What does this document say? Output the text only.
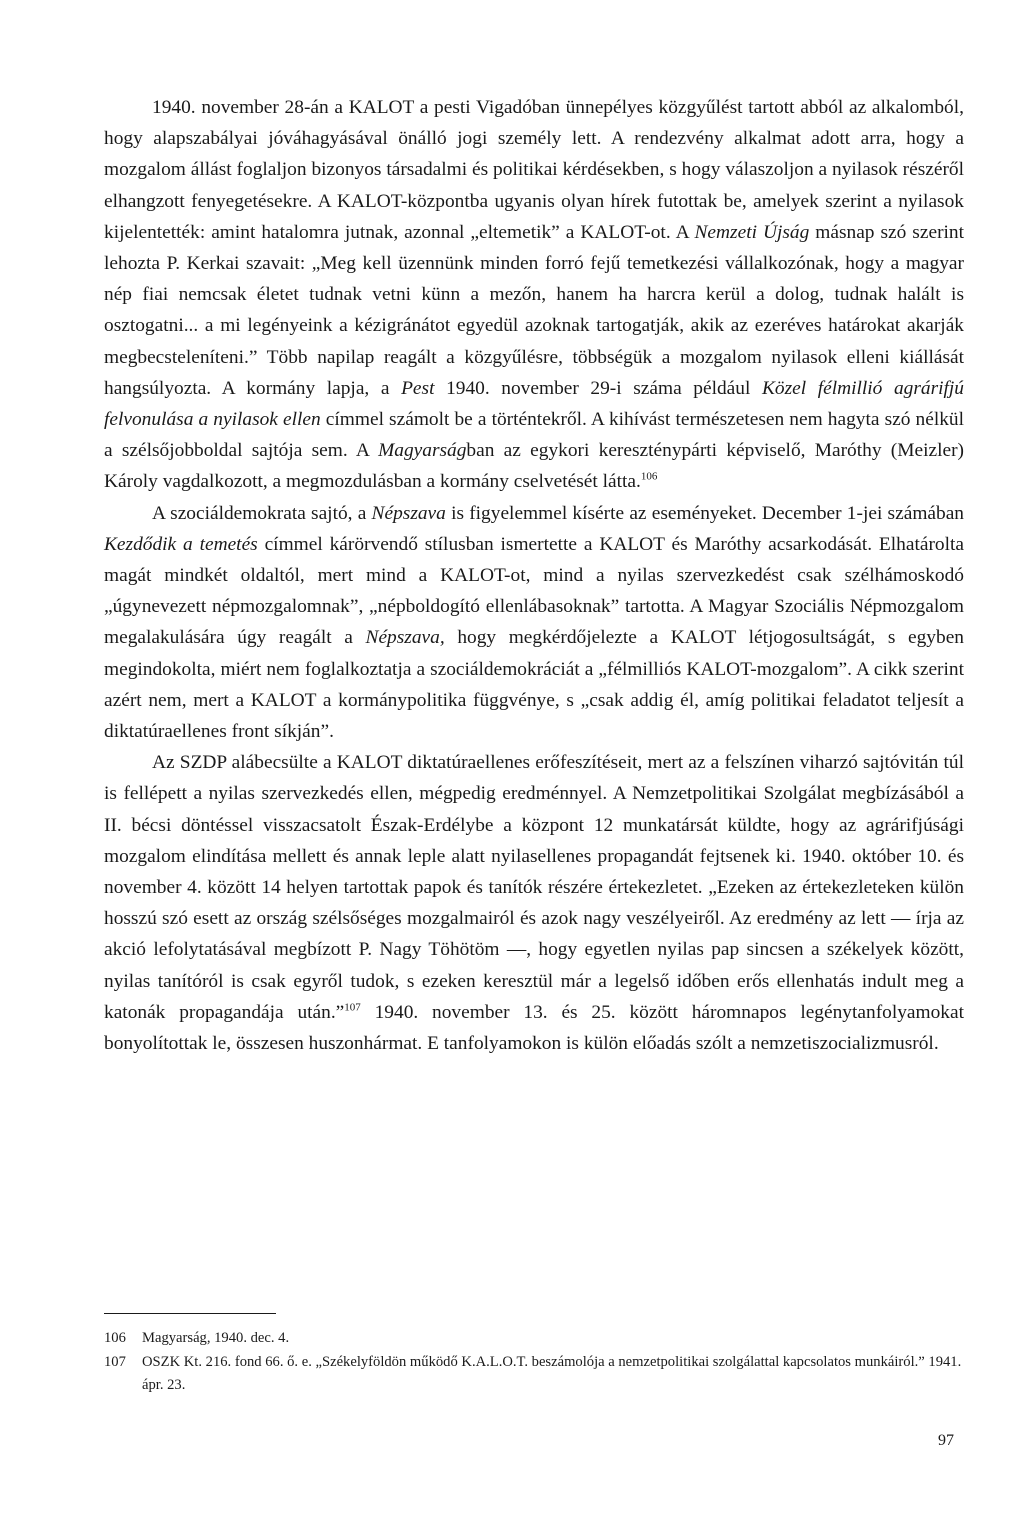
1940. november 28-án a KALOT a pesti Vigadóban ünnepélyes közgyűlést tartott abból az alkalomból, hogy alapszabályai jóváhagyásával önálló jogi személy lett. A rendezvény alkalmat adott arra, hogy a mozgalom állást foglaljon bizonyos társadalmi és politikai kérdésekben, s hogy válaszoljon a nyilasok részéről elhangzott fenyegetésekre. A KALOT-központba ugyanis olyan hírek futottak be, amelyek szerint a nyilasok kijelentették: amint hatalomra jutnak, azonnal „eltemetik” a KALOT-ot. A Nemzeti Újság másnap szó szerint lehozta P. Kerkai szavait: „Meg kell üzennünk minden forró fejű temetkezési vállalkozónak, hogy a magyar nép fiai nemcsak életet tudnak vetni künn a mezőn, hanem ha harcra kerül a dolog, tudnak halált is osztogatni... a mi legényeink a kézigránátot egyedül azoknak tartogatják, akik az ezeréves határokat akarják megbecsteleníteni.” Több napilap reagált a közgyűlésre, többségük a mozgalom nyilasok elleni kiállását hangsúlyozta. A kormány lapja, a Pest 1940. november 29-i száma például Közel félmillió agrárifjú felvonulása a nyilasok ellen címmel számolt be a történtekről. A kihívást természetesen nem hagyta szó nélkül a szélsőjobboldal sajtója sem. A Magyarságban az egykori kereszténypárti képviselő, Maróthy (Meizler) Károly vagdalkozott, a megmozdulásban a kormány cselvetését látta.$^{106}$

A szociáldemokrata sajtó, a Népszava is figyelemmel kísérte az eseményeket. December 1-jei számában Kezdődik a temetés címmel kárörvendő stílusban ismertette a KALOT és Maróthy acsarkodását. Elhatárolta magát mindkét oldaltól, mert mind a KALOT-ot, mind a nyilas szervezkedést csak szélhámoskodó „úgynevezett népmozgalomnak”, „népboldogító ellenlábasoknak” tartotta. A Magyar Szociális Népmozgalom megalakulására úgy reagált a Népszava, hogy megkérdőjelezte a KALOT létjogosultságát, s egyben megindokolta, miért nem foglalkoztatja a szociáldemokráciát a „félmilliós KALOT-mozgalom”. A cikk szerint azért nem, mert a KALOT a kormánypolitika függvénye, s „csak addig él, amíg politikai feladatot teljesít a diktatúraellenes front síkján”.

Az SZDP alábecsülte a KALOT diktatúraellenes erőfeszítéseit, mert az a felszínen viharzó sajtóvitán túl is fellépett a nyilas szervezkedés ellen, mégpedig eredménnyel. A Nemzetpolitikai Szolgálat megbízásából a II. bécsi döntéssel visszacsatolt Észak-Erdélybe a központ 12 munkatársát küldte, hogy az agrárifjúsági mozgalom elindítása mellett és annak leple alatt nyilasellenes propagandát fejtsenek ki. 1940. október 10. és november 4. között 14 helyen tartottak papok és tanítók részére értekezletet. „Ezeken az értekezleteken külön hosszú szó esett az ország szélsőséges mozgalmairól és azok nagy veszélyeiről. Az eredmény az lett — írja az akció lefolytatásával megbízott P. Nagy Töhötöm —, hogy egyetlen nyilas pap sincsen a székelyek között, nyilas tanítóról is csak egyről tudok, s ezeken keresztül már a legelső időben erős ellenhatás indult meg a katonák propagandája után.”$^{107}$ 1940. november 13. és 25. között háromnapos legénytanfolyamokat bonyolítottak le, összesen huszonhármat. E tanfolyamokon is külön előadás szólt a nemzetiszocializmusról.

106	Magyarság, 1940. dec. 4.
107	OSZK Kt. 216. fond 66. ő. e. „Székelyföldön működő K.A.L.O.T. beszámolója a nemzetpolitikai szolgálattal kapcsolatos munkáiról.” 1941. ápr. 23.
97
